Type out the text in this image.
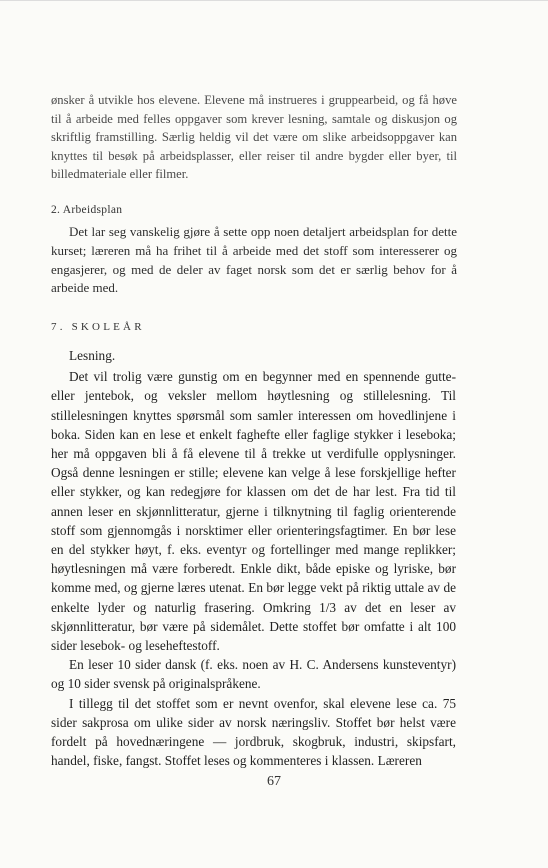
ønsker å utvikle hos elevene. Elevene må instrueres i gruppearbeid, og få høve til å arbeide med felles oppgaver som krever lesning, samtale og diskusjon og skriftlig framstilling. Særlig heldig vil det være om slike arbeidsoppgaver kan knyttes til besøk på arbeidsplasser, eller reiser til andre bygder eller byer, til billedmateriale eller filmer.
2. Arbeidsplan

Det lar seg vanskelig gjøre å sette opp noen detaljert arbeidsplan for dette kurset; læreren må ha frihet til å arbeide med det stoff som interesserer og engasjerer, og med de deler av faget norsk som det er særlig behov for å arbeide med.

7. SKOLEÅR

Lesning.

Det vil trolig være gunstig om en begynner med en spennende gutte- eller jentebok, og veksler mellom høytlesning og stillelesning. Til stillelesningen knyttes spørsmål som samler interessen om hovedlinjene i boka. Siden kan en lese et enkelt faghefte eller faglige stykker i leseboka; her må oppgaven bli å få elevene til å trekke ut verdifulle opplysninger. Også denne lesningen er stille; elevene kan velge å lese forskjellige hefter eller stykker, og kan redegjøre for klassen om det de har lest. Fra tid til annen leser en skjønnlitteratur, gjerne i tilknytning til faglig orienterende stoff som gjennomgås i norsktimer eller orienteringsfagtimer. En bør lese en del stykker høyt, f. eks. eventyr og fortellinger med mange replikker; høytlesningen må være forberedt. Enkle dikt, både episke og lyriske, bør komme med, og gjerne læres utenat. En bør legge vekt på riktig uttale av de enkelte lyder og naturlig frasering. Omkring 1/3 av det en leser av skjønnlitteratur, bør være på sidemålet. Dette stoffet bør omfatte i alt 100 sider lesebok- og leseheftestoff.

En leser 10 sider dansk (f. eks. noen av H. C. Andersens kunsteventyr) og 10 sider svensk på originalspråkene.

I tillegg til det stoffet som er nevnt ovenfor, skal elevene lese ca. 75 sider sakprosa om ulike sider av norsk næringsliv. Stoffet bør helst være fordelt på hovednæringene — jordbruk, skogbruk, industri, skipsfart, handel, fiske, fangst. Stoffet leses og kommenteres i klassen. Læreren

67
